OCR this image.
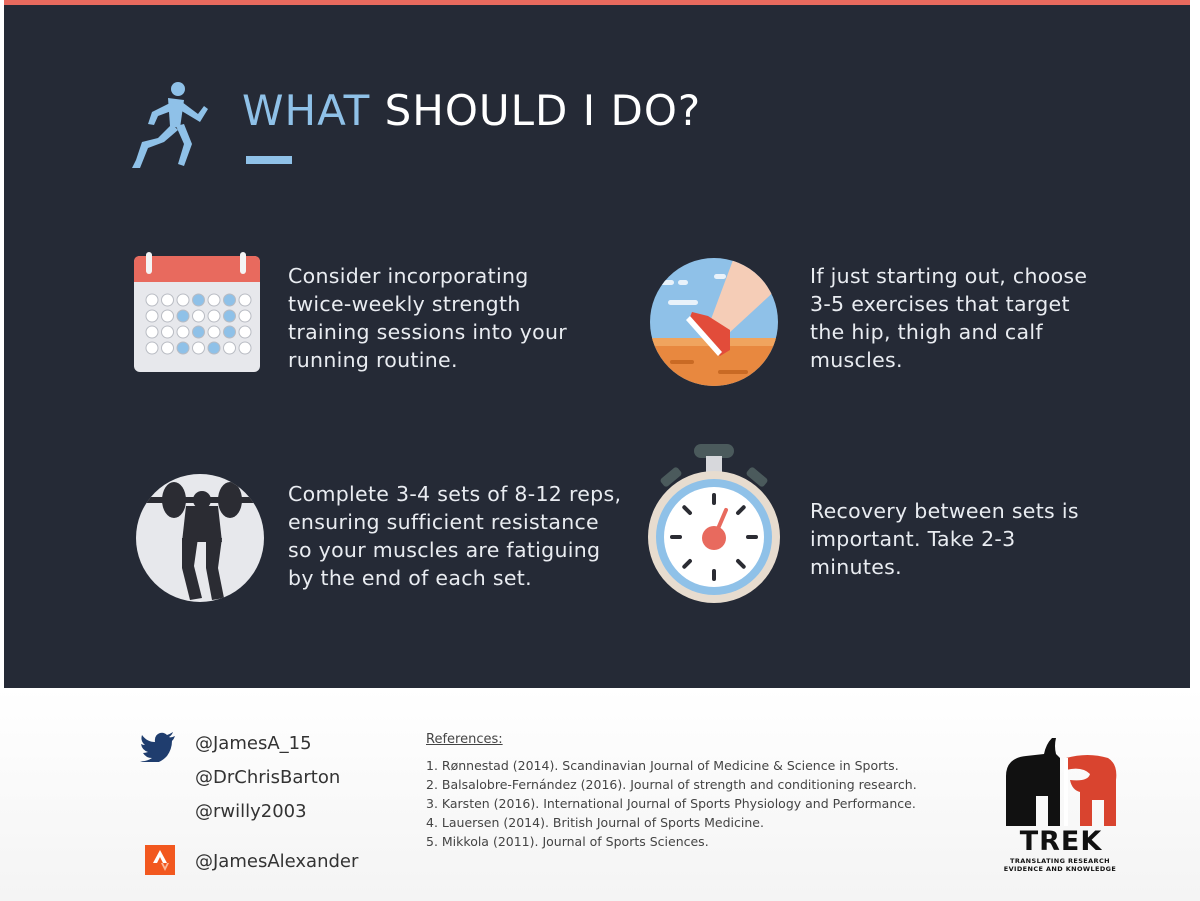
WHAT SHOULD I DO?
Consider incorporating twice-weekly strength training sessions into your running routine.
If just starting out, choose 3-5 exercises that target the hip, thigh and calf muscles.
Complete 3-4 sets of 8-12 reps, ensuring sufficient resistance so your muscles are fatiguing by the end of each set.
Recovery between sets is important. Take 2-3 minutes.
@JamesA_15
@DrChrisBarton
@rwilly2003
@JamesAlexander
References:
1. Rønnestad (2014). Scandinavian Journal of Medicine & Science in Sports.
2. Balsalobre-Fernández (2016). Journal of strength and conditioning research.
3. Karsten (2016). International Journal of Sports Physiology and Performance.
4. Lauersen (2014). British Journal of Sports Medicine.
5. Mikkola (2011). Journal of Sports Sciences.	TREK
TRANSLATING RESEARCH
EVIDENCE AND KNOWLEDGE
